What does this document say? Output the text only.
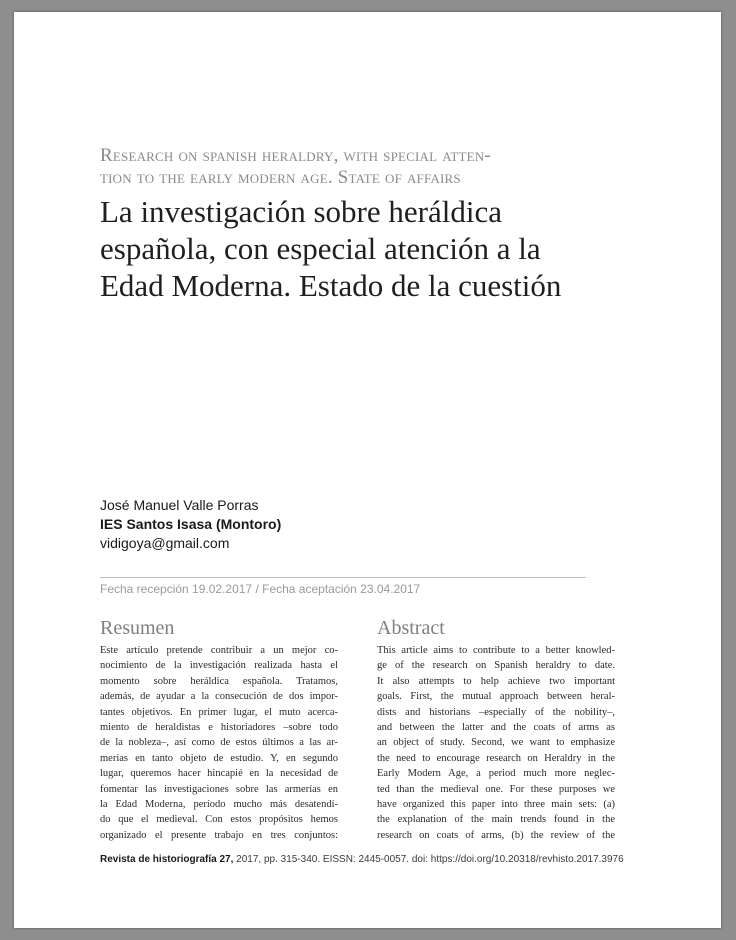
Research on spanish heraldry, with special atten-
tion to the early modern age. State of affairs
La investigación sobre heráldica
española, con especial atención a la
Edad Moderna. Estado de la cuestión
José Manuel Valle Porras
IES Santos Isasa (Montoro)
vidigoya@gmail.com
Fecha recepción 19.02.2017 / Fecha aceptación 23.04.2017
Resumen
Este artículo pretende contribuir a un mejor co-
nocimiento de la investigación realizada hasta el
momento sobre heráldica española. Tratamos,
además, de ayudar a la consecución de dos impor-
tantes objetivos. En primer lugar, el muto acerca-
miento de heraldistas e historiadores –sobre todo
de la nobleza–, así como de estos últimos a las ar-
merías en tanto objeto de estudio. Y, en segundo
lugar, queremos hacer hincapié en la necesidad de
fomentar las investigaciones sobre las armerías en
la Edad Moderna, período mucho más desatendi-
do que el medieval. Con estos propósitos hemos
organizado el presente trabajo en tres conjuntos:
Abstract
This article aims to contribute to a better knowled-
ge of the research on Spanish heraldry to date.
It also attempts to help achieve two important
goals. First, the mutual approach between heral-
dists and historians –especially of the nobility–,
and between the latter and the coats of arms as
an object of study. Second, we want to emphasize
the need to encourage research on Heraldry in the
Early Modern Age, a period much more neglec-
ted than the medieval one. For these purposes we
have organized this paper into three main sets: (a)
the explanation of the main trends found in the
research on coats of arms, (b) the review of the
Revista de historiografía 27, 2017, pp. 315-340. EISSN: 2445-0057. doi: https://doi.org/10.20318/revhisto.2017.3976
